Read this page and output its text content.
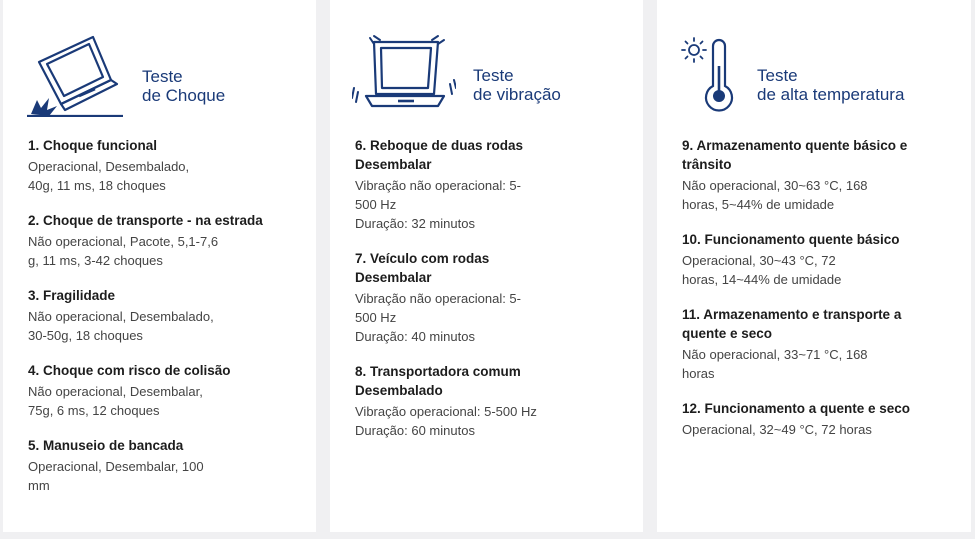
Teste
de Choque

1. Choque funcional

Operacional, Desembalado,
40g, 11 ms, 18 choques

2. Choque de transporte - na estrada

Não operacional, Pacote, 5,1-7,6
g, 11 ms, 3-42 choques

3. Fragilidade

Não operacional, Desembalado,
30-50g, 18 choques

4. Choque com risco de colisão

Não operacional, Desembalar,
75g, 6 ms, 12 choques

5. Manuseio de bancada

Operacional, Desembalar, 100
mm

Teste
de vibração

6. Reboque de duas rodas
Desembalar

Vibração não operacional: 5-
500 Hz
Duração: 32 minutos

7. Veículo com rodas
Desembalar

Vibração não operacional: 5-
500 Hz
Duração: 40 minutos

8. Transportadora comum
Desembalado

Vibração operacional: 5-500 Hz
Duração: 60 minutos

Teste
de alta temperatura

9. Armazenamento quente básico e
trânsito

Não operacional, 30~63 °C, 168
horas, 5~44% de umidade

10. Funcionamento quente básico

Operacional, 30~43 °C, 72
horas, 14~44% de umidade

11. Armazenamento e transporte a
quente e seco

Não operacional, 33~71 °C, 168
horas

12. Funcionamento a quente e seco

Operacional, 32~49 °C, 72 horas
